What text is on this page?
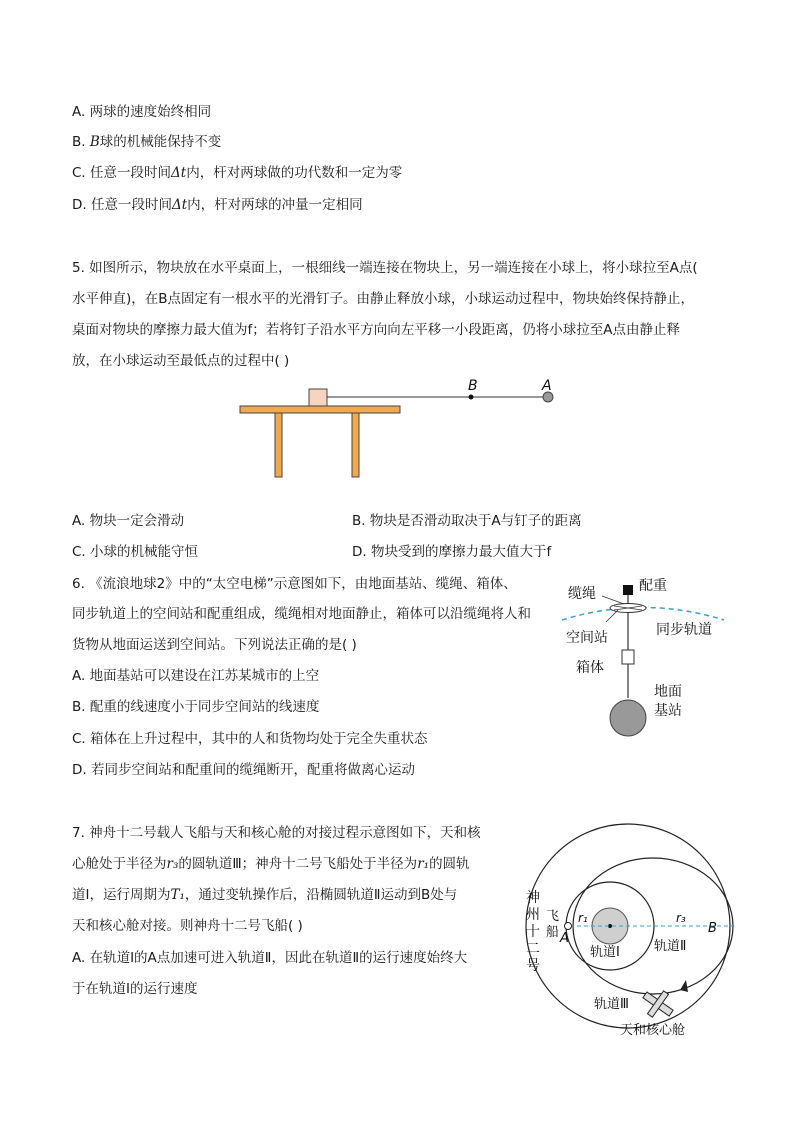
A. 两球的速度始终相同
B. B球的机械能保持不变
C. 任意一段时间Δt内，杆对两球做的功代数和一定为零
D. 任意一段时间Δt内，杆对两球的冲量一定相同
5. 如图所示，物块放在水平桌面上，一根细线一端连接在物块上，另一端连接在小球上，将小球拉至A点(
水平伸直)，在B点固定有一根水平的光滑钉子。由静止释放小球，小球运动过程中，物块始终保持静止，
桌面对物块的摩擦力最大值为f；若将钉子沿水平方向向左平移一小段距离，仍将小球拉至A点由静止释
放，在小球运动至最低点的过程中( )
B	A
A. 物块一定会滑动	B. 物块是否滑动取决于A与钉子的距离
C. 小球的机械能守恒	D. 物块受到的摩擦力最大值大于f
6. 《流浪地球2》中的“太空电梯”示意图如下，由地面基站、缆绳、箱体、
同步轨道上的空间站和配重组成，缆绳相对地面静止，箱体可以沿缆绳将人和
货物从地面运送到空间站。下列说法正确的是( )
A. 地面基站可以建设在江苏某城市的上空
B. 配重的线速度小于同步空间站的线速度
C. 箱体在上升过程中，其中的人和货物均处于完全失重状态
D. 若同步空间站和配重间的缆绳断开，配重将做离心运动
缆绳	配重
空间站	同步轨道
箱体
地面
基站
7. 神舟十二号载人飞船与天和核心舱的对接过程示意图如下，天和核
心舱处于半径为r₃的圆轨道Ⅲ；神舟十二号飞船处于半径为r₁的圆轨
道Ⅰ，运行周期为T₁，通过变轨操作后，沿椭圆轨道Ⅱ运动到B处与
天和核心舱对接。则神舟十二号飞船( )
A. 在轨道Ⅰ的A点加速可进入轨道Ⅱ，因此在轨道Ⅱ的运行速度始终大
于在轨道Ⅰ的运行速度
神
州
十
二
号
飞
船
r₁	r₃
A
B
轨道Ⅰ	轨道Ⅱ
轨道Ⅲ
天和核心舱
